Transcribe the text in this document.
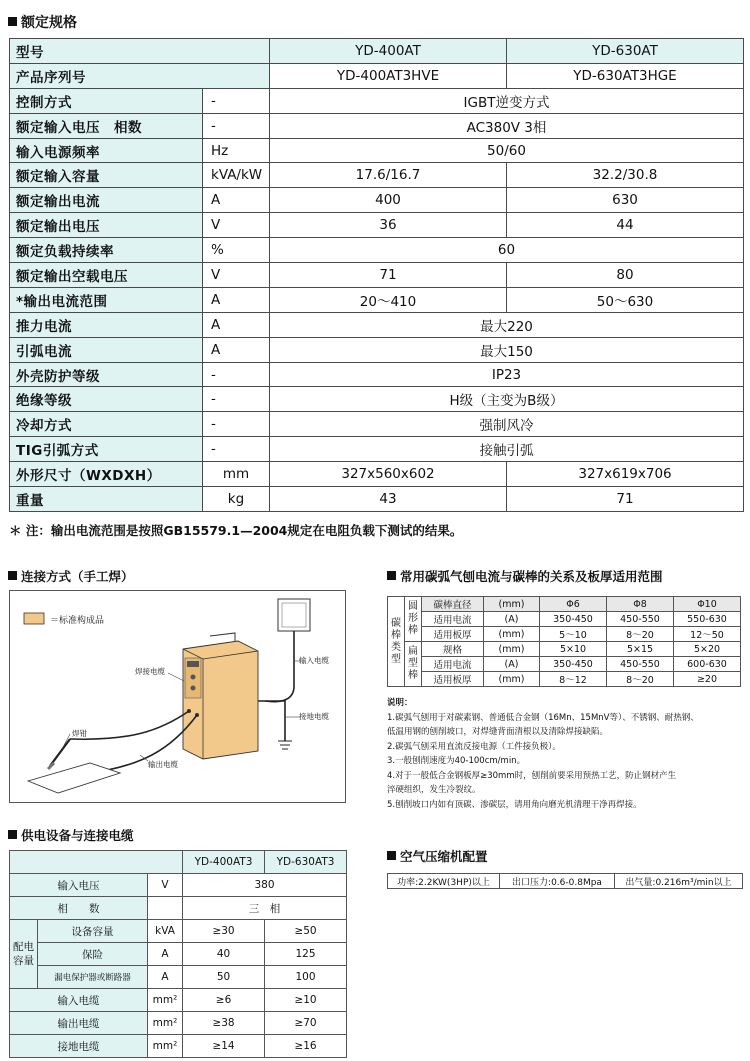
额定规格
型号		YD-400AT	YD-630AT
产品序列号		YD-400AT3HVE	YD-630AT3HGE
控制方式	-	IGBT逆变方式	
额定输入电压　相数	-	AC380V 3相	
输入电源频率	Hz	50/60	
额定输入容量	kVA/kW	17.6/16.7	32.2/30.8
额定输出电流	A	400	630
额定输出电压	V	36	44
额定负载持续率	%	60	
额定输出空载电压	V	71	80
*输出电流范围	A	20～410	50～630
推力电流	A	最大220	
引弧电流	A	最大150	
外壳防护等级	-	IP23	
绝缘等级	-	H级（主变为B级）	
冷却方式	-	强制风冷	
TIG引弧方式	-	接触引弧	
外形尺寸（WXDXH）	mm	327x560x602	327x619x706
重量	kg	43	71
＊ 注：输出电流范围是按照GB15579.1—2004规定在电阻负载下测试的结果。
连接方式（手工焊）
＝标准构成品
焊接电缆
输入电缆
接地电缆
焊钳
输出电缆
常用碳弧气刨电流与碳棒的关系及板厚适用范围
碳棒类型	圆形棒	碳棒直径	(mm)	Φ6	Φ8	Φ10
		适用电流	(A)	350-450	450-550	550-630
		适用板厚	(mm)	5～10	8～20	12～50
	扁型棒	规格	(mm)	5×10	5×15	5×20
		适用电流	(A)	350-450	450-550	600-630
		适用板厚	(mm)	8～12	8～20	≥20
说明：
1.碳弧气刨用于对碳素钢、普通低合金钢（16Mn、15MnV等）、不锈钢、耐热钢、
低温用钢的刨削坡口，对焊缝背面清根以及清除焊接缺陷。
2.碳弧气刨采用直流反接电源（工件接负极）。
3.一般刨削速度为40-100cm/min。
4.对于一般低合金钢板厚≥30mm时，刨削前要采用预热工艺，防止钢材产生
淬硬组织，发生冷裂纹。
5.刨削坡口内如有顶碳、渗碳层，请用角向磨光机清理干净再焊接。
供电设备与连接电缆
			YD-400AT3	YD-630AT3
输入电压		V	380	
相　　数			三　相	
配电容量	设备容量	kVA	≥30	≥50
	保险	A	40	125
	漏电保护器或断路器	A	50	100
输入电缆		mm²	≥6	≥10
输出电缆		mm²	≥38	≥70
接地电缆		mm²	≥14	≥16
空气压缩机配置
功率:2.2KW(3HP)以上	出口压力:0.6-0.8Mpa	出气量:0.216m³/min以上
